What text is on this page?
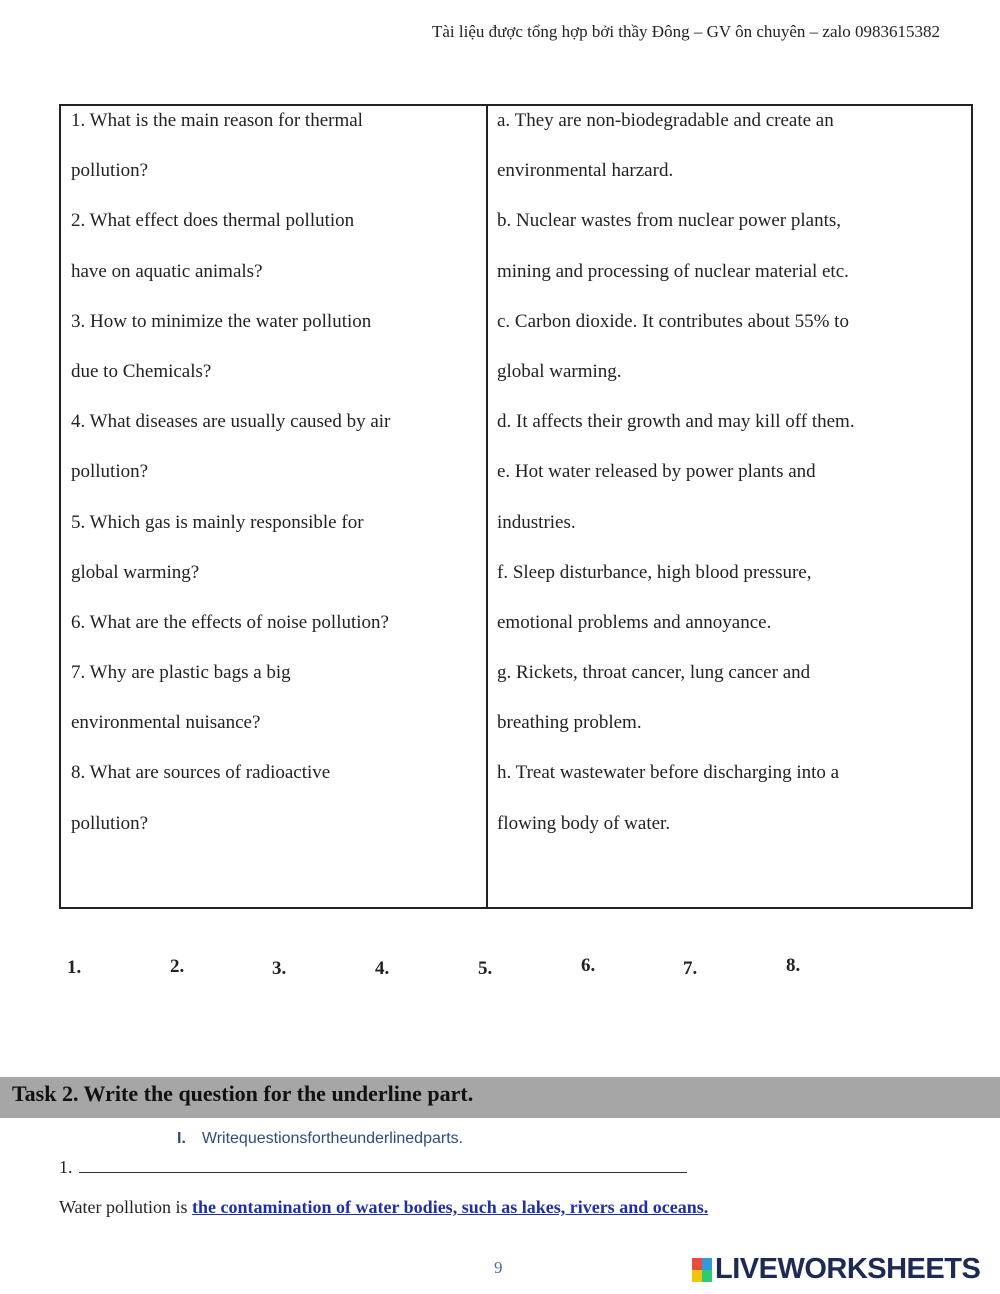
Tài liệu được tổng hợp bởi thầy Đông – GV ôn chuyên – zalo 0983615382
1. What is the main reason for thermal
pollution?
2. What effect does thermal pollution
have on aquatic animals?
3. How to minimize the water pollution
due to Chemicals?
4. What diseases are usually caused by air
pollution?
5. Which gas is mainly responsible for
global warming?
6. What are the effects of noise pollution?
7. Why are plastic bags a big
environmental nuisance?
8. What are sources of radioactive
pollution?
a. They are non-biodegradable and create an
environmental harzard.
b. Nuclear wastes from nuclear power plants,
mining and processing of nuclear material etc.
c. Carbon dioxide. It contributes about 55% to
global warming.
d. It affects their growth and may kill off them.
e. Hot water released by power plants and
industries.
f. Sleep disturbance, high blood pressure,
emotional problems and annoyance.
g. Rickets, throat cancer, lung cancer and
breathing problem.
h. Treat wastewater before discharging into a
flowing body of water.
1.	2.	3.	4.	5.	6.	7.	8.
Task 2. Write the question for the underline part.
I. Writequestionsfortheunderlinedparts.
1.
Water pollution is the contamination of water bodies, such as lakes, rivers and oceans.
9	LIVEWORKSHEETS
